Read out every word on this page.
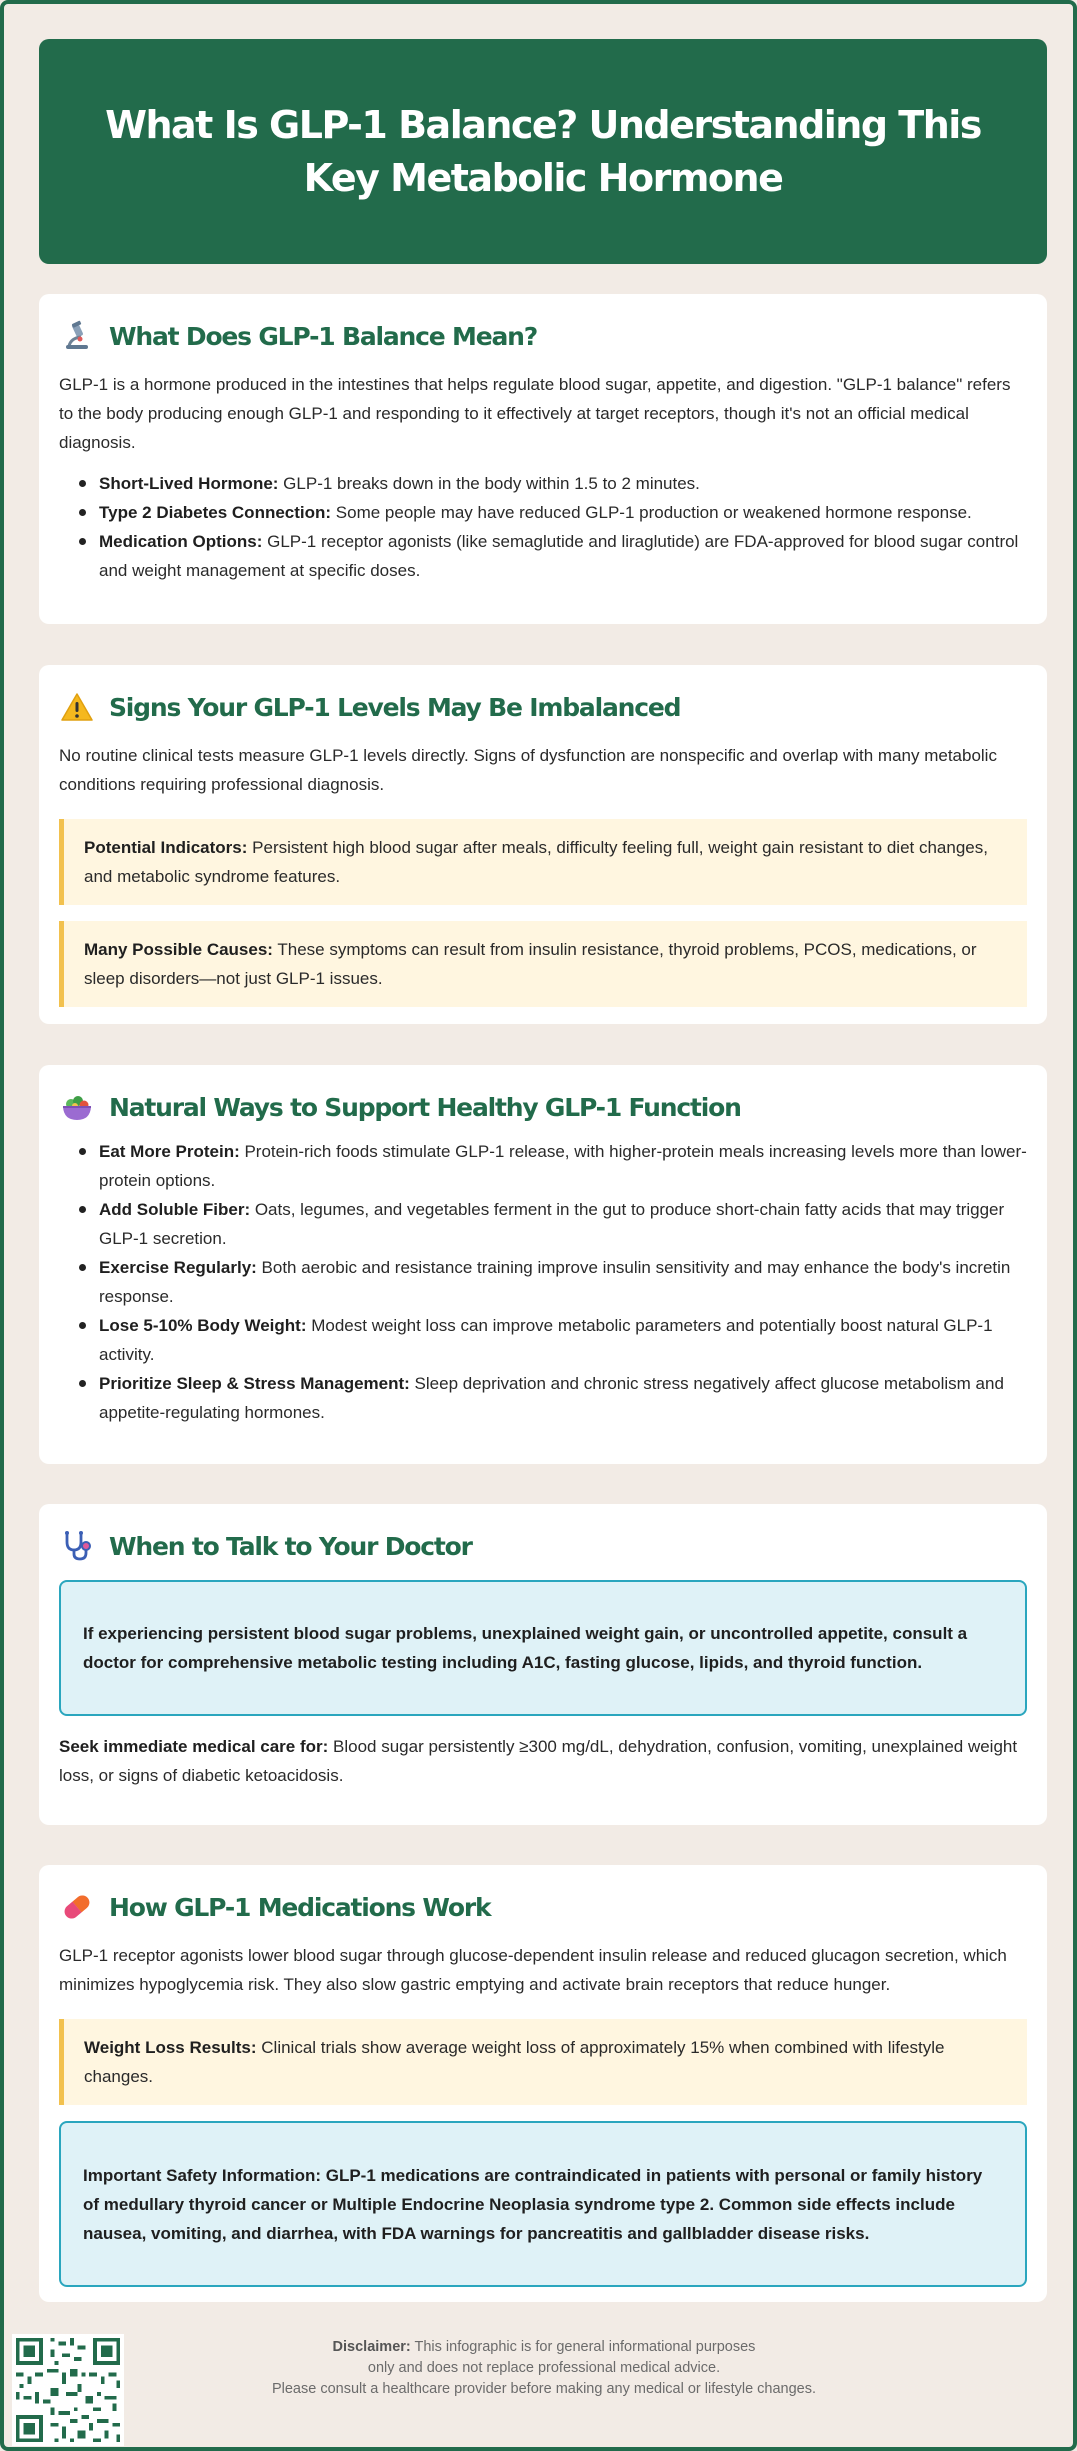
What Is GLP-1 Balance? Understanding This Key Metabolic Hormone
What Does GLP-1 Balance Mean?

GLP-1 is a hormone produced in the intestines that helps regulate blood sugar, appetite, and digestion. "GLP-1 balance" refers to the body producing enough GLP-1 and responding to it effectively at target receptors, though it's not an official medical diagnosis.

Short-Lived Hormone: GLP-1 breaks down in the body within 1.5 to 2 minutes.
Type 2 Diabetes Connection: Some people may have reduced GLP-1 production or weakened hormone response.
Medication Options: GLP-1 receptor agonists (like semaglutide and liraglutide) are FDA-approved for blood sugar control and weight management at specific doses.
Signs Your GLP-1 Levels May Be Imbalanced

No routine clinical tests measure GLP-1 levels directly. Signs of dysfunction are nonspecific and overlap with many metabolic conditions requiring professional diagnosis.

Potential Indicators: Persistent high blood sugar after meals, difficulty feeling full, weight gain resistant to diet changes, and metabolic syndrome features.
Many Possible Causes: These symptoms can result from insulin resistance, thyroid problems, PCOS, medications, or sleep disorders—not just GLP-1 issues.
Natural Ways to Support Healthy GLP-1 Function
Eat More Protein: Protein-rich foods stimulate GLP-1 release, with higher-protein meals increasing levels more than lower-protein options.
Add Soluble Fiber: Oats, legumes, and vegetables ferment in the gut to produce short-chain fatty acids that may trigger GLP-1 secretion.
Exercise Regularly: Both aerobic and resistance training improve insulin sensitivity and may enhance the body's incretin response.
Lose 5-10% Body Weight: Modest weight loss can improve metabolic parameters and potentially boost natural GLP-1 activity.
Prioritize Sleep & Stress Management: Sleep deprivation and chronic stress negatively affect glucose metabolism and appetite-regulating hormones.
When to Talk to Your Doctor
If experiencing persistent blood sugar problems, unexplained weight gain, or uncontrolled appetite, consult a doctor for comprehensive metabolic testing including A1C, fasting glucose, lipids, and thyroid function.

Seek immediate medical care for: Blood sugar persistently ≥300 mg/dL, dehydration, confusion, vomiting, unexplained weight loss, or signs of diabetic ketoacidosis.

How GLP-1 Medications Work

GLP-1 receptor agonists lower blood sugar through glucose-dependent insulin release and reduced glucagon secretion, which minimizes hypoglycemia risk. They also slow gastric emptying and activate brain receptors that reduce hunger.

Weight Loss Results: Clinical trials show average weight loss of approximately 15% when combined with lifestyle changes.
Important Safety Information: GLP-1 medications are contraindicated in patients with personal or family history of medullary thyroid cancer or Multiple Endocrine Neoplasia syndrome type 2. Common side effects include nausea, vomiting, and diarrhea, with FDA warnings for pancreatitis and gallbladder disease risks.
Disclaimer: This infographic is for general informational purposes
only and does not replace professional medical advice.
Please consult a healthcare provider before making any medical or lifestyle changes.
